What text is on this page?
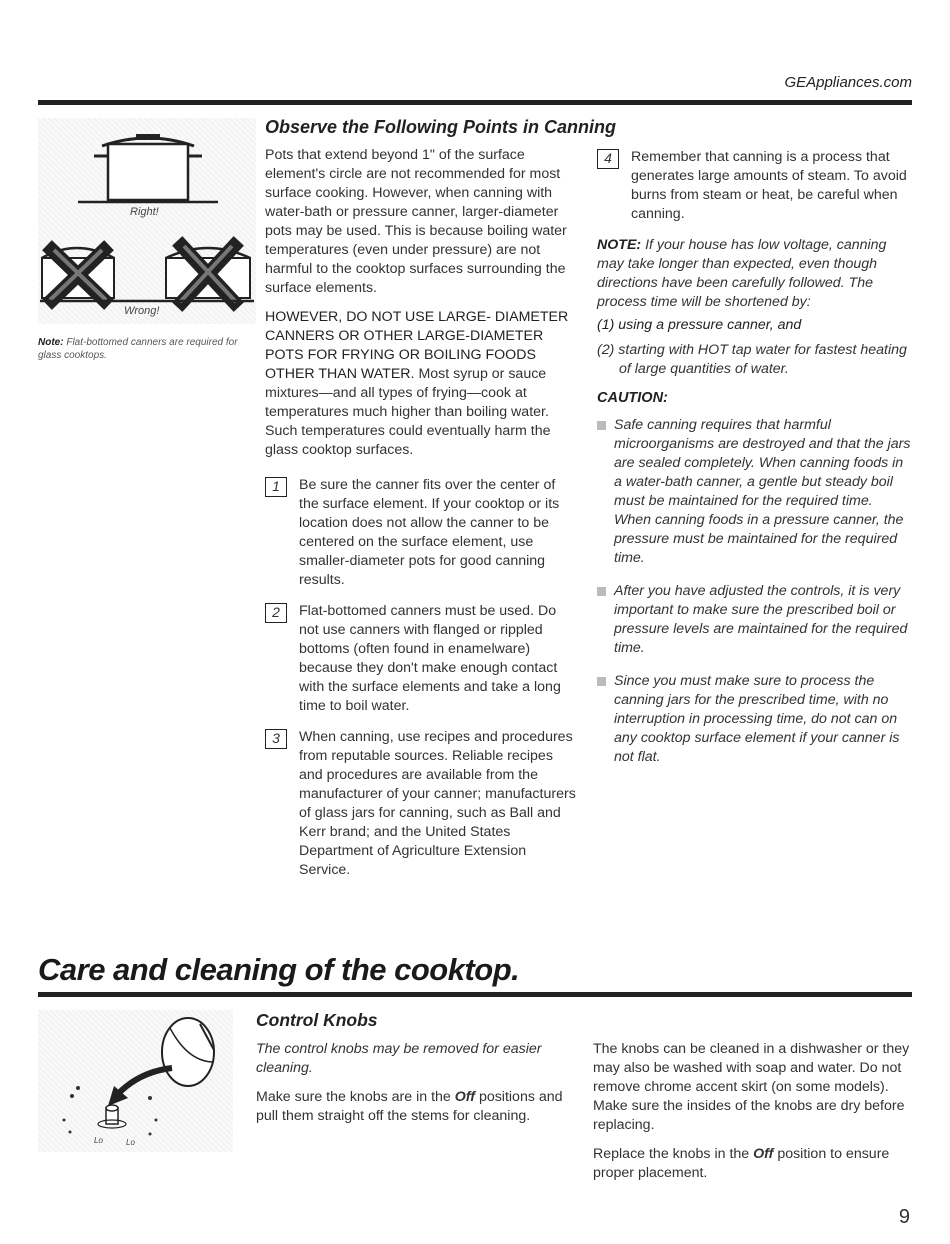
GEAppliances.com
Right!
Wrong!
Note: Flat-bottomed canners are required for glass cooktops.
Observe the Following Points in Canning

Pots that extend beyond 1" of the surface element's circle are not recommended for most surface cooking. However, when canning with water-bath or pressure canner, larger-diameter pots may be used. This is because boiling water temperatures (even under pressure) are not harmful to the cooktop surfaces surrounding the surface elements.

HOWEVER, DO NOT USE LARGE- DIAMETER CANNERS OR OTHER LARGE-DIAMETER POTS FOR FRYING OR BOILING FOODS OTHER THAN WATER. Most syrup or sauce mixtures—and all types of frying—cook at temperatures much higher than boiling water. Such temperatures could eventually harm the glass cooktop surfaces.

1	Be sure the canner fits over the center of the surface element. If your cooktop or its location does not allow the canner to be centered on the surface element, use smaller-diameter pots for good canning results.
2	Flat-bottomed canners must be used. Do not use canners with flanged or rippled bottoms (often found in enamelware) because they don't make enough contact with the surface elements and take a long time to boil water.
3	When canning, use recipes and procedures from reputable sources. Reliable recipes and procedures are available from the manufacturer of your canner; manufacturers of glass jars for canning, such as Ball and Kerr brand; and the United States Department of Agriculture Extension Service.
4	Remember that canning is a process that generates large amounts of steam. To avoid burns from steam or heat, be careful when canning.

NOTE: If your house has low voltage, canning may take longer than expected, even though directions have been carefully followed. The process time will be shortened by:

(1) using a pressure canner, and

(2) starting with HOT tap water for fastest heating of large quantities of water.

CAUTION:
Safe canning requires that harmful microorganisms are destroyed and that the jars are sealed completely. When canning foods in a water-bath canner, a gentle but steady boil must be maintained for the required time. When canning foods in a pressure canner, the pressure must be maintained for the required time.
After you have adjusted the controls, it is very important to make sure the prescribed boil or pressure levels are maintained for the required time.
Since you must make sure to process the canning jars for the prescribed time, with no interruption in processing time, do not can on any cooktop surface element if your canner is not flat.
Care and cleaning of the cooktop.
Lo	Lo
Control Knobs

The control knobs may be removed for easier cleaning.

Make sure the knobs are in the Off positions and pull them straight off the stems for cleaning.

The knobs can be cleaned in a dishwasher or they may also be washed with soap and water. Do not remove chrome accent skirt (on some models). Make sure the insides of the knobs are dry before replacing.

Replace the knobs in the Off position to ensure proper placement.

9
